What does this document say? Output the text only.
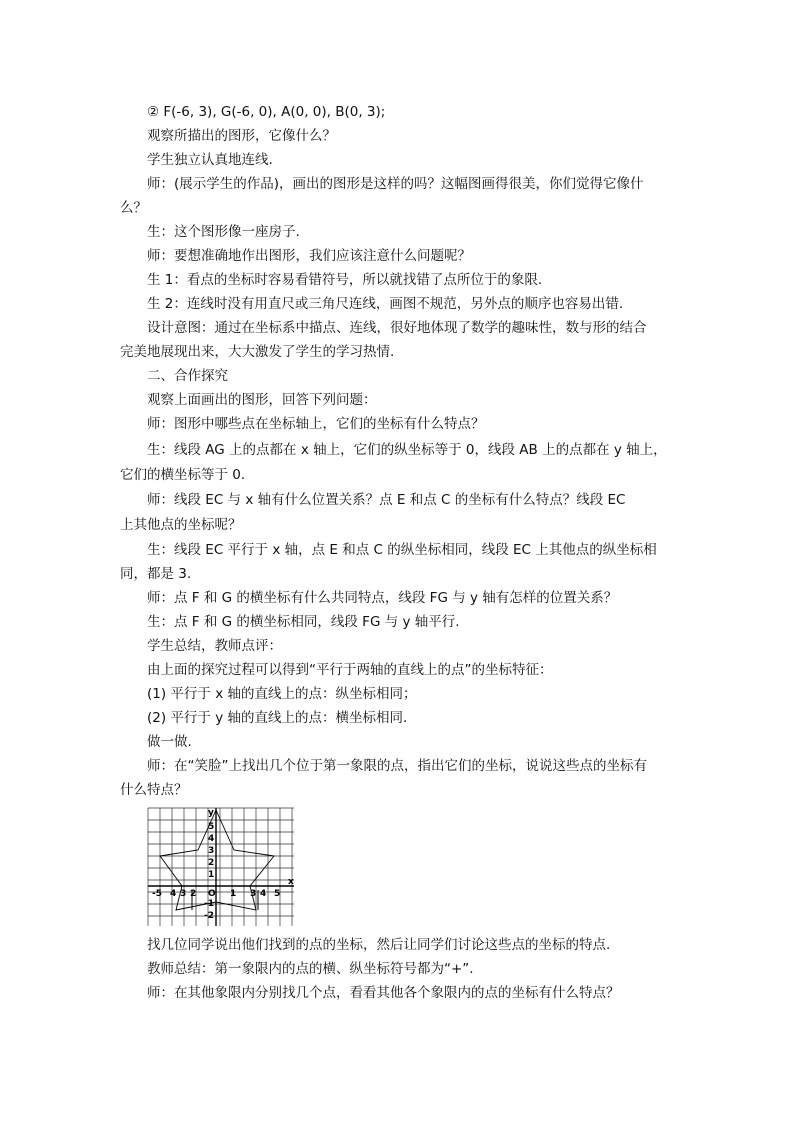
② F(-6, 3), G(-6, 0), A(0, 0), B(0, 3);
观察所描出的图形，它像什么？
学生独立认真地连线.
师：(展示学生的作品)，画出的图形是这样的吗？这幅图画得很美，你们觉得它像什
么？
生：这个图形像一座房子.
师：要想准确地作出图形，我们应该注意什么问题呢？
生 1：看点的坐标时容易看错符号，所以就找错了点所位于的象限.
生 2：连线时没有用直尺或三角尺连线，画图不规范，另外点的顺序也容易出错.
设计意图：通过在坐标系中描点、连线，很好地体现了数学的趣味性，数与形的结合
完美地展现出来，大大激发了学生的学习热情.
二、合作探究
观察上面画出的图形，回答下列问题：
师：图形中哪些点在坐标轴上，它们的坐标有什么特点？
生：线段 AG 上的点都在 x 轴上，它们的纵坐标等于 0，线段 AB 上的点都在 y 轴上，
它们的横坐标等于 0.
师：线段 EC 与 x 轴有什么位置关系？点 E 和点 C 的坐标有什么特点？线段 EC
上其他点的坐标呢？
生：线段 EC 平行于 x 轴，点 E 和点 C 的纵坐标相同，线段 EC 上其他点的纵坐标相
同，都是 3.
师：点 F 和 G 的横坐标有什么共同特点，线段 FG 与 y 轴有怎样的位置关系？
生：点 F 和 G 的横坐标相同，线段 FG 与 y 轴平行.
学生总结，教师点评：
由上面的探究过程可以得到“平行于两轴的直线上的点”的坐标特征：
(1) 平行于 x 轴的直线上的点：纵坐标相同；
(2) 平行于 y 轴的直线上的点：横坐标相同.
做一做.
师：在“笑脸”上找出几个位于第一象限的点，指出它们的坐标，说说这些点的坐标有
什么特点？
x
y
O
-5 4 3 2	1 3 4 5
5
4
3
2
1
-1
-2
找几位同学说出他们找到的点的坐标，然后让同学们讨论这些点的坐标的特点.
教师总结：第一象限内的点的横、纵坐标符号都为“+”.
师：在其他象限内分别找几个点，看看其他各个象限内的点的坐标有什么特点？
